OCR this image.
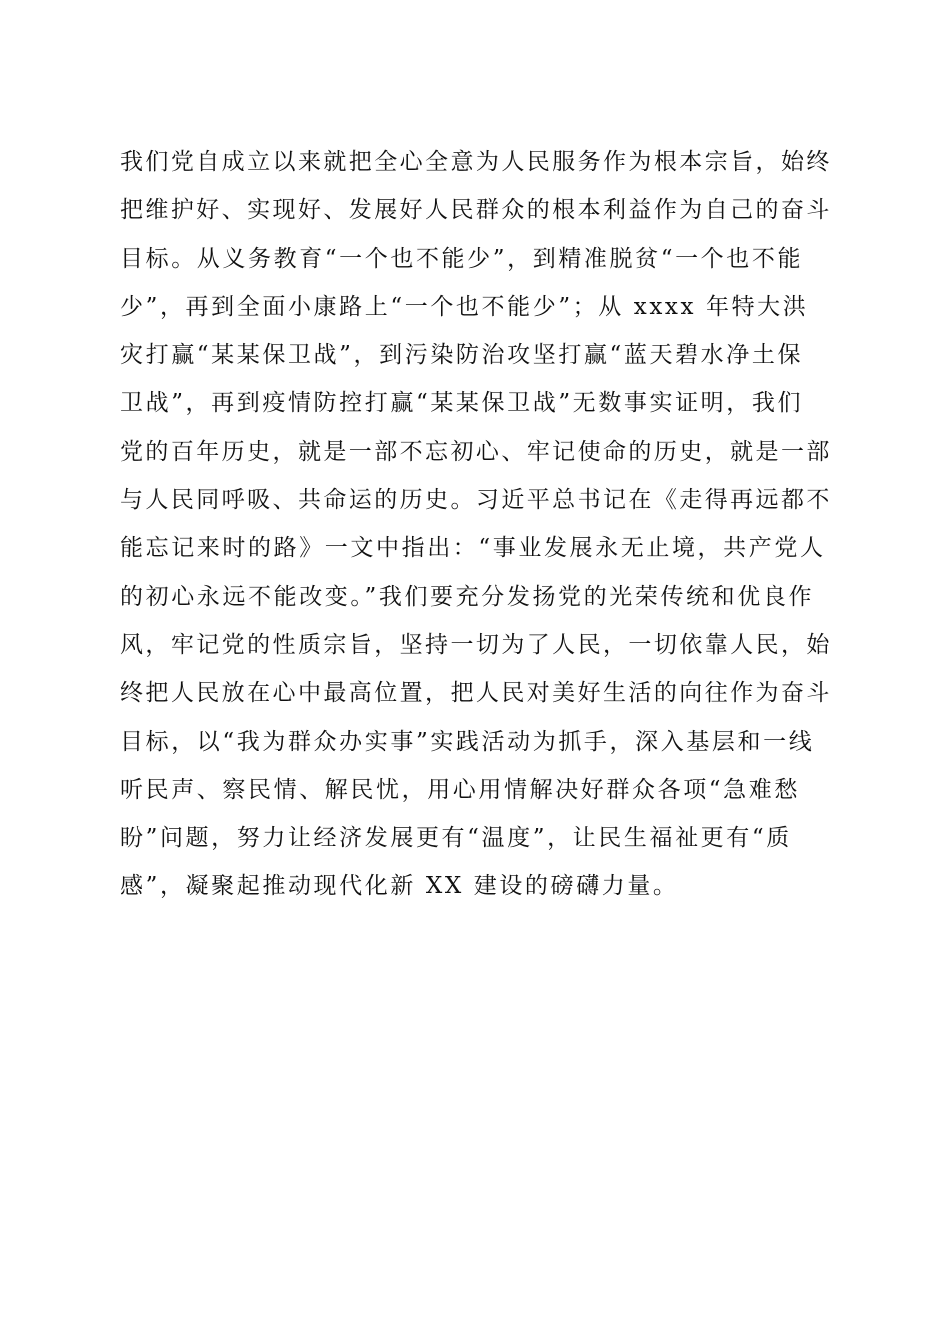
我们党自成立以来就把全心全意为人民服务作为根本宗旨，始终
把维护好、实现好、发展好人民群众的根本利益作为自己的奋斗
目标。从义务教育“一个也不能少”，到精准脱贫“一个也不能
少”，再到全面小康路上“一个也不能少”；从 xxxx 年特大洪
灾打赢“某某保卫战”，到污染防治攻坚打赢“蓝天碧水净土保
卫战”，再到疫情防控打赢“某某保卫战”无数事实证明，我们
党的百年历史，就是一部不忘初心、牢记使命的历史，就是一部
与人民同呼吸、共命运的历史。习近平总书记在《走得再远都不
能忘记来时的路》一文中指出：“事业发展永无止境，共产党人
的初心永远不能改变。”我们要充分发扬党的光荣传统和优良作
风，牢记党的性质宗旨，坚持一切为了人民，一切依靠人民，始
终把人民放在心中最高位置，把人民对美好生活的向往作为奋斗
目标，以“我为群众办实事”实践活动为抓手，深入基层和一线
听民声、察民情、解民忧，用心用情解决好群众各项“急难愁
盼”问题，努力让经济发展更有“温度”，让民生福祉更有“质
感”，凝聚起推动现代化新 XX 建设的磅礴力量。
